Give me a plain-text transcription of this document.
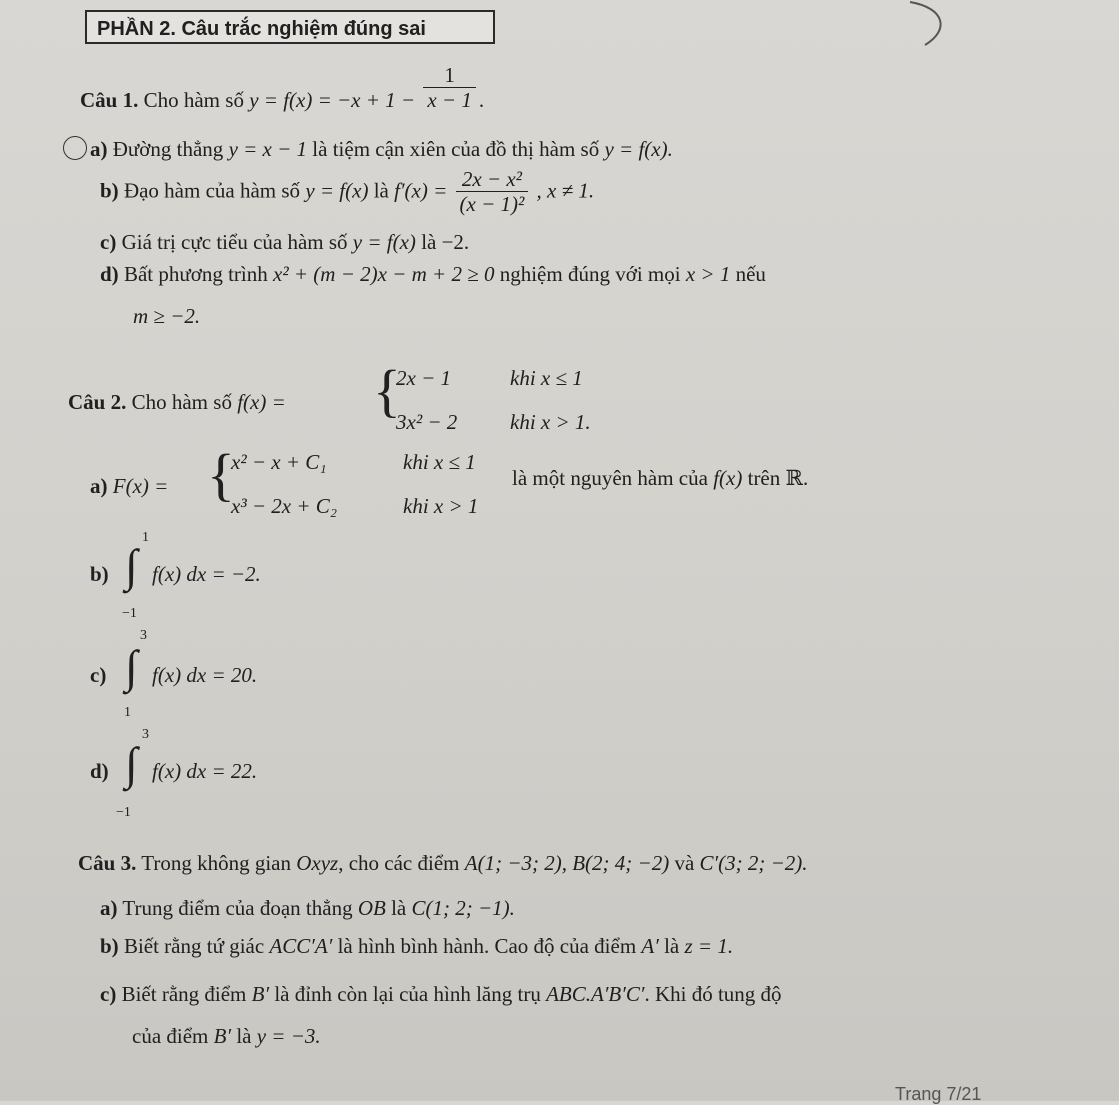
PHẦN 2. Câu trắc nghiệm đúng sai
Câu 1. Cho hàm số $y = f(x) = -x + 1 - \frac{1}{x - 1}$ .
a) Đường thẳng y = x − 1 là tiệm cận xiên của đồ thị hàm số y = f(x).
b) Đạo hàm của hàm số y = f(x) là $f'(x) = \frac{\text{2x − x²}}{\text{(x − 1)²}}$ , x ≠ 1.
c) Giá trị cực tiểu của hàm số y = f(x) là −2.
d) Bất phương trình x² + (m − 2)x − m + 2 ≥ 0 nghiệm đúng với mọi x > 1 nếu
m ≥ −2.
Câu 2. Cho hàm số f(x) = {
2x − 1	khi x ≤ 1
3x² − 2	khi x > 1.
a) F(x) = {
x² − x + C₁	khi x ≤ 1
x³ − 2x + C₂	khi x > 1
là một nguyên hàm của f(x) trên ℝ.
b)
1
∫
−1
f(x) dx = −2.
c)
3
∫
1
f(x) dx = 20.
d)
3
∫
−1
f(x) dx = 22.
Câu 3. Trong không gian Oxyz, cho các điểm A(1; −3; 2), B(2; 4; −2) và C′(3; 2; −2).
a) Trung điểm của đoạn thẳng OB là C(1; 2; −1).
b) Biết rằng tứ giác ACC′A′ là hình bình hành. Cao độ của điểm A′ là z = 1.
c) Biết rằng điểm B′ là đỉnh còn lại của hình lăng trụ ABC.A′B′C′. Khi đó tung độ
của điểm B′ là y = −3.
Trang 7/21
